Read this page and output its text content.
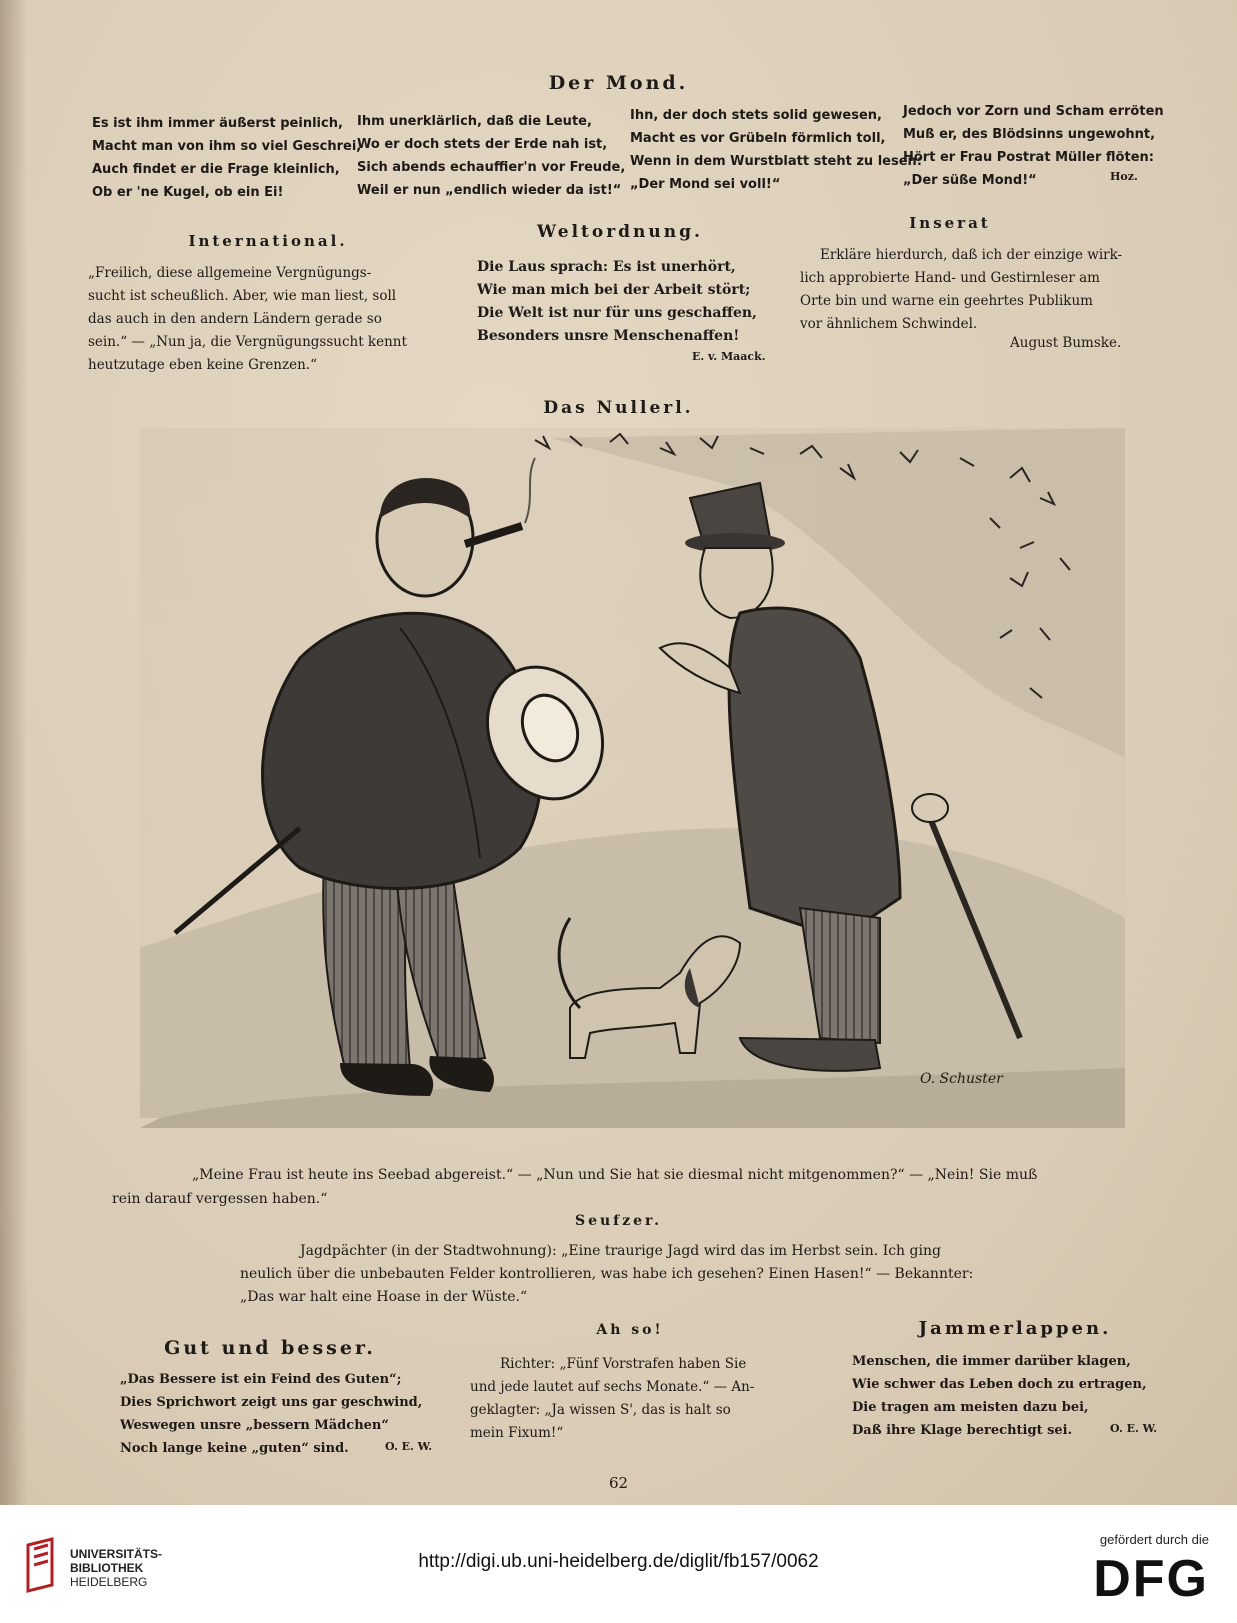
Der Mond.
Es ist ihm immer äußerst peinlich,
Macht man von ihm so viel Geschrei,
Auch findet er die Frage kleinlich,
Ob er 'ne Kugel, ob ein Ei!
Ihm unerklärlich, daß die Leute,
Wo er doch stets der Erde nah ist,
Sich abends echauffier'n vor Freude,
Weil er nun „endlich wieder da ist!“
Ihn, der doch stets solid gewesen,
Macht es vor Grübeln förmlich toll,
Wenn in dem Wurstblatt steht zu lesen:
„Der Mond sei voll!“
Jedoch vor Zorn und Scham erröten
Muß er, des Blödsinns ungewohnt,
Hört er Frau Postrat Müller flöten:
„Der süße Mond!“	Hoz.
International.
„Freilich, diese allgemeine Vergnügungs-
sucht ist scheußlich. Aber, wie man liest, soll
das auch in den andern Ländern gerade so
sein.“ — „Nun ja, die Vergnügungssucht kennt
heutzutage eben keine Grenzen.“
Weltordnung.
Die Laus sprach: Es ist unerhört,
Wie man mich bei der Arbeit stört;
Die Welt ist nur für uns geschaffen,
Besonders unsre Menschenaffen!
E. v. Maack.
Inserat
Erkläre hierdurch, daß ich der einzige wirk-
lich approbierte Hand- und Gestirnleser am
Orte bin und warne ein geehrtes Publikum
vor ähnlichem Schwindel.
August Bumske.
Das Nullerl.
O. Schuster
„Meine Frau ist heute ins Seebad abgereist.“ — „Nun und Sie hat sie diesmal nicht mitgenommen?“ — „Nein! Sie muß
rein darauf vergessen haben.“
Seufzer.
Jagdpächter (in der Stadtwohnung): „Eine traurige Jagd wird das im Herbst sein. Ich ging
neulich über die unbebauten Felder kontrollieren, was habe ich gesehen? Einen Hasen!“ — Bekannter:
„Das war halt eine Hoase in der Wüste.“
Gut und besser.
„Das Bessere ist ein Feind des Guten“;
Dies Sprichwort zeigt uns gar geschwind,
Weswegen unsre „bessern Mädchen“
Noch lange keine „guten“ sind.	O. E. W.
Ah so!
Richter: „Fünf Vorstrafen haben Sie
und jede lautet auf sechs Monate.“ — An-
geklagter: „Ja wissen S', das is halt so
mein Fixum!“
Jammerlappen.
Menschen, die immer darüber klagen,
Wie schwer das Leben doch zu ertragen,
Die tragen am meisten dazu bei,
Daß ihre Klage berechtigt sei.	O. E. W.
62
UNIVERSITÄTS-
BIBLIOTHEK
HEIDELBERG
http://digi.ub.uni-heidelberg.de/diglit/fb157/0062
gefördert durch die
DFG
